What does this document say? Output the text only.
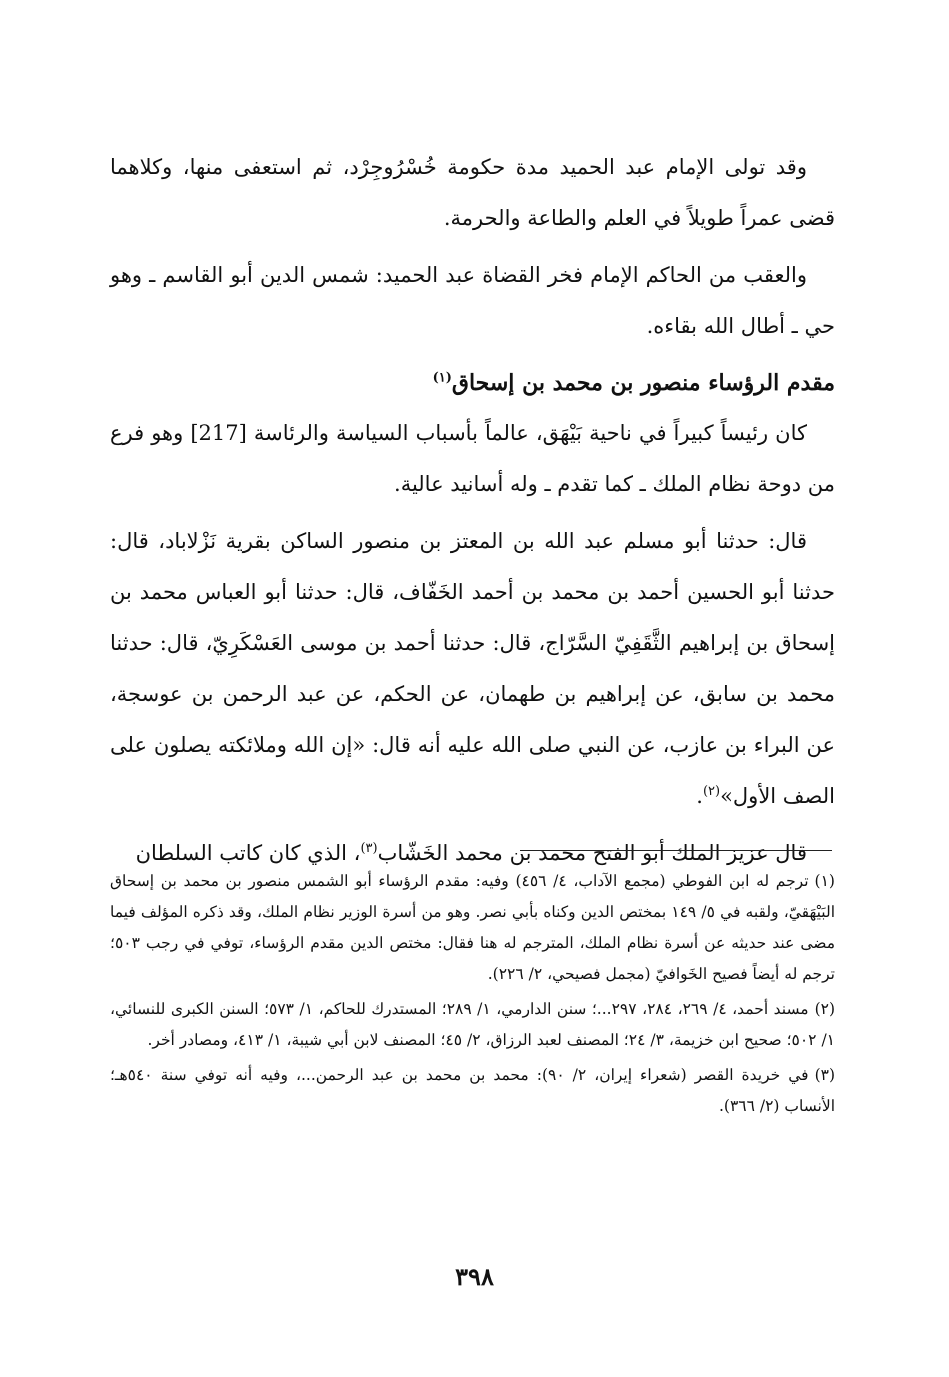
وقد تولى الإمام عبد الحميد مدة حكومة خُسْرُوجِرْد، ثم استعفى منها، وكلاهما قضى عمراً طويلاً في العلم والطاعة والحرمة.

والعقب من الحاكم الإمام فخر القضاة عبد الحميد: شمس الدين أبو القاسم ـ وهو حي ـ أطال الله بقاءه.

مقدم الرؤساء منصور بن محمد بن إسحاق$^{(١)}$

كان رئيساً كبيراً في ناحية بَيْهَق، عالماً بأسباب السياسة والرئاسة [217] وهو فرع من دوحة نظام الملك ـ كما تقدم ـ وله أسانيد عالية.

قال: حدثنا أبو مسلم عبد الله بن المعتز بن منصور الساكن بقرية نَزْلاباد، قال: حدثنا أبو الحسين أحمد بن محمد بن أحمد الخَفّاف، قال: حدثنا أبو العباس محمد بن إسحاق بن إبراهيم الثَّقَفِيّ السَّرّاج، قال: حدثنا أحمد بن موسى العَسْكَرِيّ، قال: حدثنا محمد بن سابق، عن إبراهيم بن طهمان، عن الحكم، عن عبد الرحمن بن عوسجة، عن البراء بن عازب، عن النبي صلى الله عليه أنه قال: «إن الله وملائكته يصلون على الصف الأول»$^{(٢)}$.

قال عزيز الملك أبو الفتح محمد بن محمد الخَشّاب$^{(٣)}$، الذي كان كاتب السلطان

(١)ترجم له ابن الفوطي (مجمع الآداب، ٤/ ٤٥٦) وفيه: مقدم الرؤساء أبو الشمس منصور بن محمد بن إسحاق البَيْهَقيّ، ولقبه في ٥/ ١٤٩ بمختص الدين وكناه بأبي نصر. وهو من أسرة الوزير نظام الملك، وقد ذكره المؤلف فيما مضى عند حديثه عن أسرة نظام الملك، المترجم له هنا فقال: مختص الدين مقدم الرؤساء، توفي في رجب ٥٠٣؛ ترجم له أيضاً فصيح الخَوافيّ (مجمل فصيحي، ٢/ ٢٢٦).

(٢)مسند أحمد، ٤/ ٢٦٩، ٢٨٤، ٢٩٧...؛ سنن الدارمي، ١/ ٢٨٩؛ المستدرك للحاكم، ١/ ٥٧٣؛ السنن الكبرى للنسائي، ١/ ٥٠٢؛ صحيح ابن خزيمة، ٣/ ٢٤؛ المصنف لعبد الرزاق، ٢/ ٤٥؛ المصنف لابن أبي شيبة، ١/ ٤١٣، ومصادر أخر.

(٣)في خريدة القصر (شعراء إيران، ٢/ ٩٠): محمد بن محمد بن عبد الرحمن...، وفيه أنه توفي سنة ٥٤٠هـ؛ الأنساب (٢/ ٣٦٦).

٣٩٨
